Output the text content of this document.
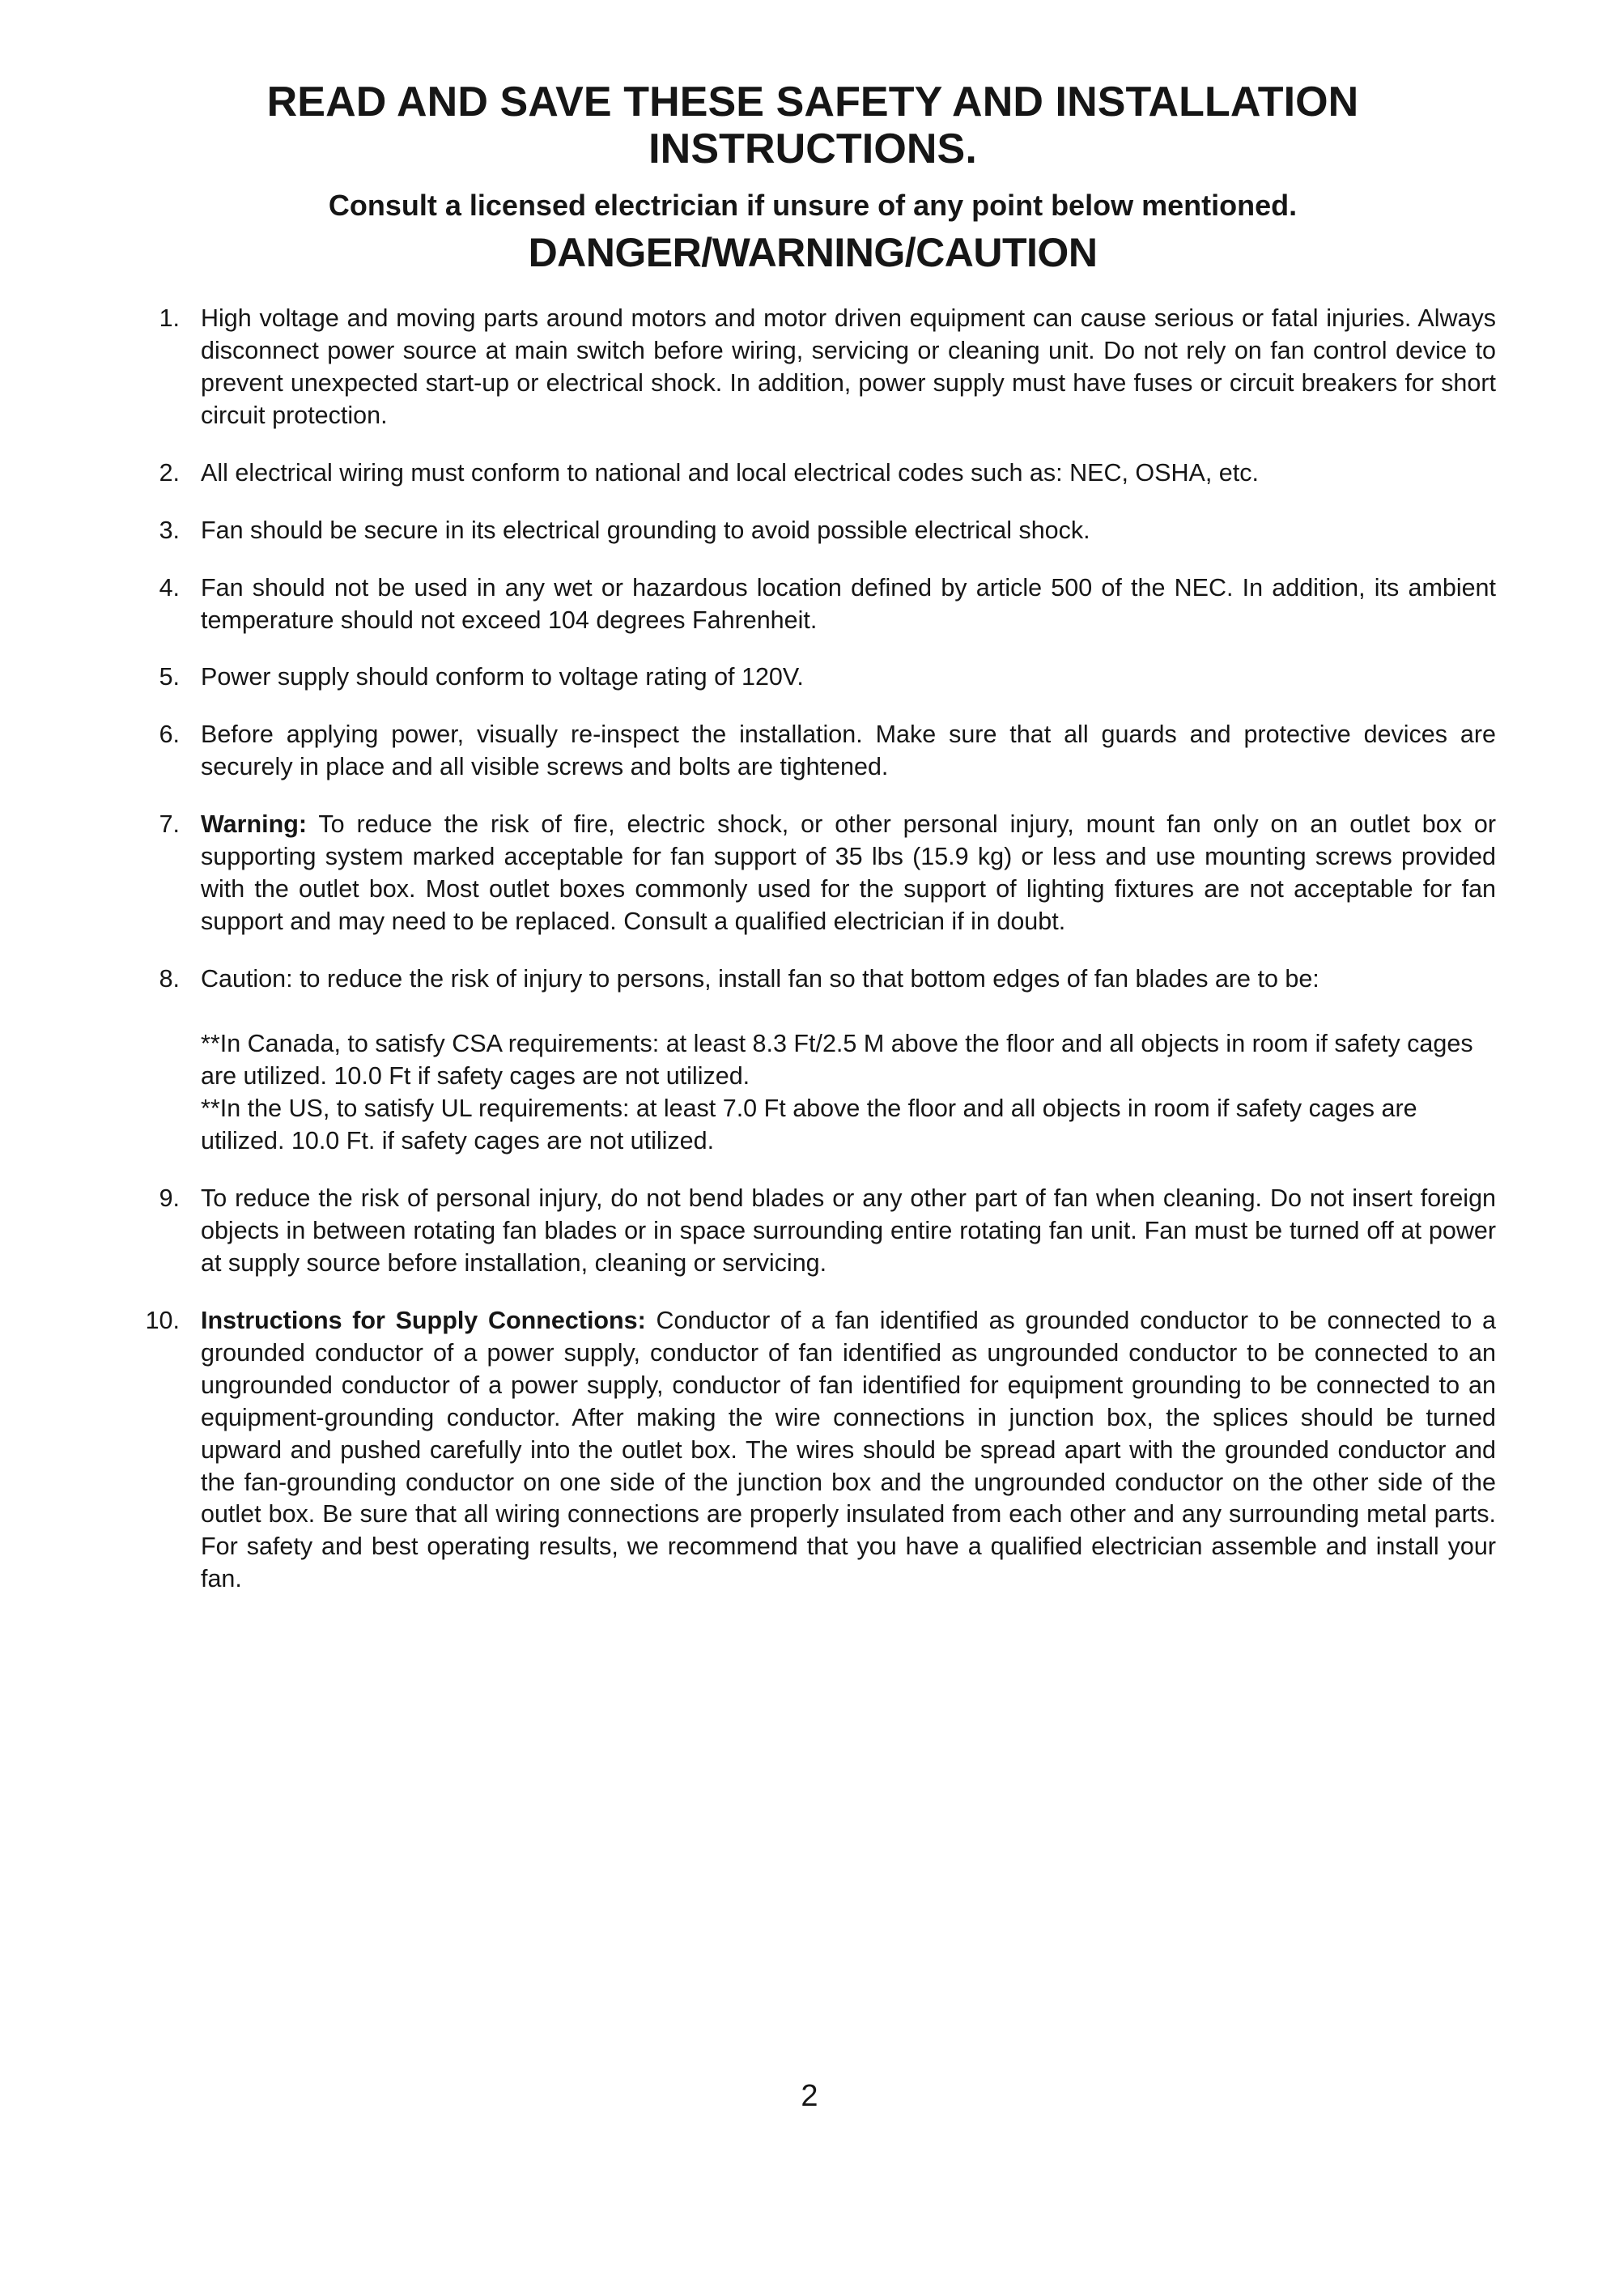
READ AND SAVE THESE SAFETY AND INSTALLATION INSTRUCTIONS.
Consult a licensed electrician if unsure of any point below mentioned.
DANGER/WARNING/CAUTION
1. High voltage and moving parts around motors and motor driven equipment can cause serious or fatal injuries. Always disconnect power source at main switch before wiring, servicing or cleaning unit. Do not rely on fan control device to prevent unexpected start-up or electrical shock. In addition, power supply must have fuses or circuit breakers for short circuit protection.
2. All electrical wiring must conform to national and local electrical codes such as: NEC, OSHA, etc.
3. Fan should be secure in its electrical grounding to avoid possible electrical shock.
4. Fan should not be used in any wet or hazardous location defined by article 500 of the NEC. In addition, its ambient temperature should not exceed 104 degrees Fahrenheit.
5. Power supply should conform to voltage rating of 120V.
6. Before applying power, visually re-inspect the installation. Make sure that all guards and protective devices are securely in place and all visible screws and bolts are tightened.
7. Warning: To reduce the risk of fire, electric shock, or other personal injury, mount fan only on an outlet box or supporting system marked acceptable for fan support of 35 lbs (15.9 kg) or less and use mounting screws provided with the outlet box. Most outlet boxes commonly used for the support of lighting fixtures are not acceptable for fan support and may need to be replaced. Consult a qualified electrician if in doubt.
8. Caution: to reduce the risk of injury to persons, install fan so that bottom edges of fan blades are to be:
**In Canada, to satisfy CSA requirements: at least 8.3 Ft/2.5 M above the floor and all objects in room if safety cages are utilized. 10.0 Ft if safety cages are not utilized.
**In the US, to satisfy UL requirements: at least 7.0 Ft above the floor and all objects in room if safety cages are utilized. 10.0 Ft. if safety cages are not utilized.
9. To reduce the risk of personal injury, do not bend blades or any other part of fan when cleaning. Do not insert foreign objects in between rotating fan blades or in space surrounding entire rotating fan unit. Fan must be turned off at power at supply source before installation, cleaning or servicing.
10. Instructions for Supply Connections: Conductor of a fan identified as grounded conductor to be connected to a grounded conductor of a power supply, conductor of fan identified as ungrounded conductor to be connected to an ungrounded conductor of a power supply, conductor of fan identified for equipment grounding to be connected to an equipment-grounding conductor. After making the wire connections in junction box, the splices should be turned upward and pushed carefully into the outlet box. The wires should be spread apart with the grounded conductor and the fan-grounding conductor on one side of the junction box and the ungrounded conductor on the other side of the outlet box. Be sure that all wiring connections are properly insulated from each other and any surrounding metal parts. For safety and best operating results, we recommend that you have a qualified electrician assemble and install your fan.
2
